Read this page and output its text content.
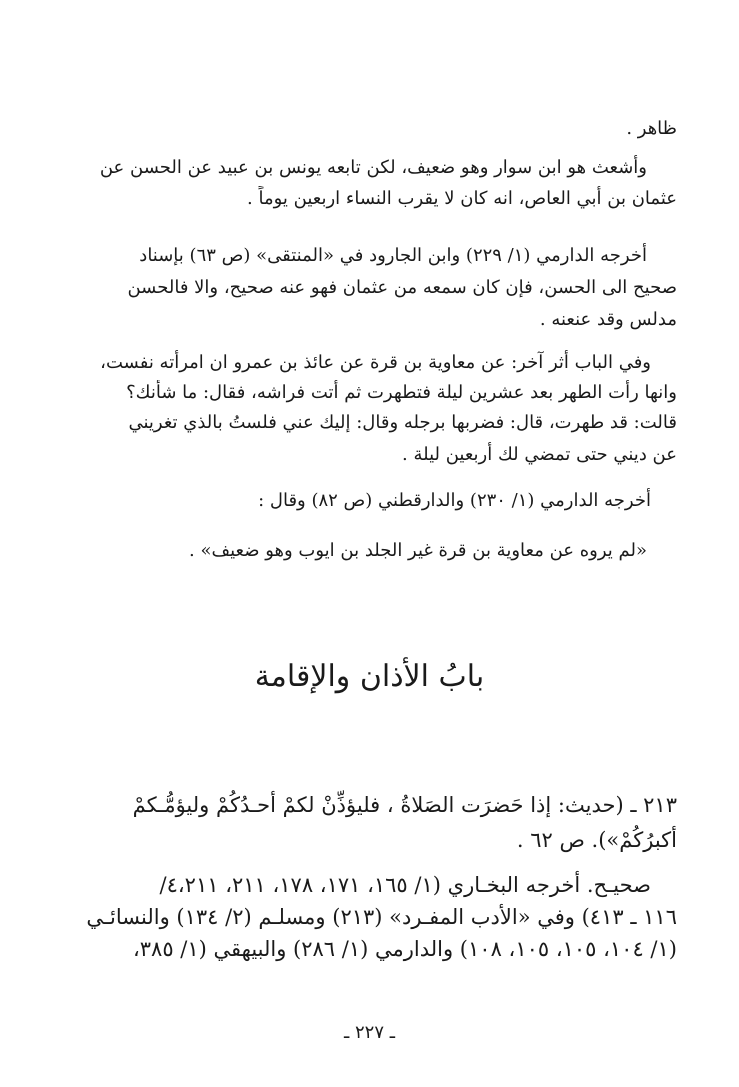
ظاهر .
وأشعث هو ابن سوار وهو ضعيف، لكن تابعه يونس بن عبيد عن الحسن عن
عثمان بن أبي العاص، انه كان لا يقرب النساء اربعين يوماً .
أخرجه الدارمي (١/ ٢٢٩) وابن الجارود في «المنتقى» (ص ٦٣) بإسناد
صحيح الى الحسن، فإن كان سمعه من عثمان فهو عنه صحيح، والا فالحسن
مدلس وقد عنعنه .
وفي الباب أثر آخر: عن معاوية بن قرة عن عائذ بن عمرو ان امرأته نفست،
وانها رأت الطهر بعد عشرين ليلة فتطهرت ثم أتت فراشه، فقال: ما شأنك؟
قالت: قد طهرت، قال: فضربها برجله وقال: إليك عني فلستُ بالذي تغريني
عن ديني حتى تمضي لك أربعين ليلة .
أخرجه الدارمي (١/ ٢٣٠) والدارقطني (ص ٨٢) وقال :
«لم يروه عن معاوية بن قرة غير الجلد بن ايوب وهو ضعيف» .
بابُ الأذان والإقامة
٢١٣ ـ (حديث: إذا حَضرَت الصَلاةُ ، فليؤذِّنْ لكمْ أحـدُكُمْ وليؤمُّـكمْ
أكبرُكُمْ»). ص ٦٢ .
صحيـح. أخرجه البخـاري (١/ ١٦٥، ١٧١، ١٧٨، ٢١١، ٤،٢١١/
١١٦ ـ ٤١٣) وفي «الأدب المفـرد» (٢١٣) ومسلـم (٢/ ١٣٤) والنسائـي
(١/ ١٠٤، ١٠٥، ١٠٥، ١٠٨) والدارمي (١/ ٢٨٦) والبيهقي (١/ ٣٨٥،
ـ ٢٢٧ ـ
